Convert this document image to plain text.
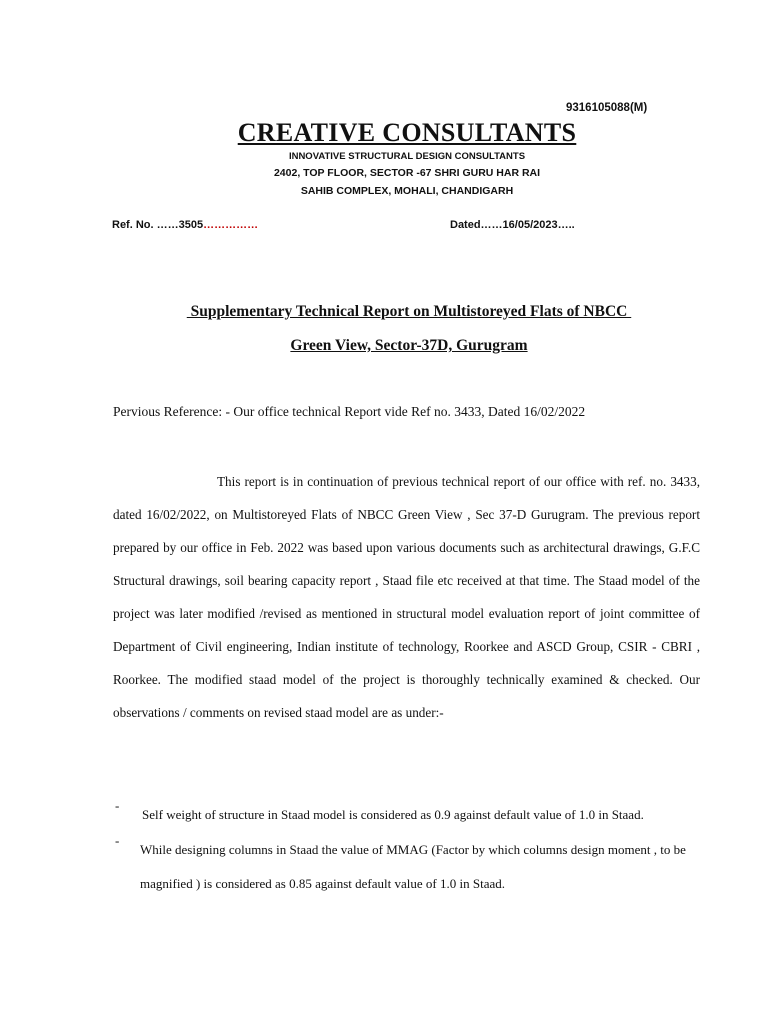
9316105088(M)
CREATIVE CONSULTANTS
INNOVATIVE STRUCTURAL DESIGN CONSULTANTS
2402, TOP FLOOR, SECTOR -67 SHRI GURU HAR RAI
SAHIB COMPLEX, MOHALI, CHANDIGARH
Ref. No. ……3505……………	Dated……16/05/2023…..
Supplementary Technical Report on Multistoreyed Flats of NBCC
Green View, Sector-37D, Gurugram
Pervious Reference: - Our office technical Report vide Ref no. 3433, Dated 16/02/2022

This report is in continuation of previous technical report of our office with ref. no. 3433, dated 16/02/2022, on Multistoreyed Flats of NBCC Green View , Sec 37-D Gurugram. The previous report prepared by our office in Feb. 2022 was based upon various documents such as architectural drawings, G.F.C Structural drawings, soil bearing capacity report , Staad file etc received at that time. The Staad model of the project was later modified /revised as mentioned in structural model evaluation report of joint committee of Department of Civil engineering, Indian institute of technology, Roorkee and ASCD Group, CSIR - CBRI , Roorkee. The modified staad model of the project is thoroughly technically examined & checked. Our observations / comments on revised staad model are as under:-

-
Self weight of structure in Staad model is considered as 0.9 against default value of 1.0 in Staad.
-
While designing columns in Staad the value of MMAG (Factor by which columns design moment , to be magnified ) is considered as 0.85 against default value of 1.0 in Staad.
